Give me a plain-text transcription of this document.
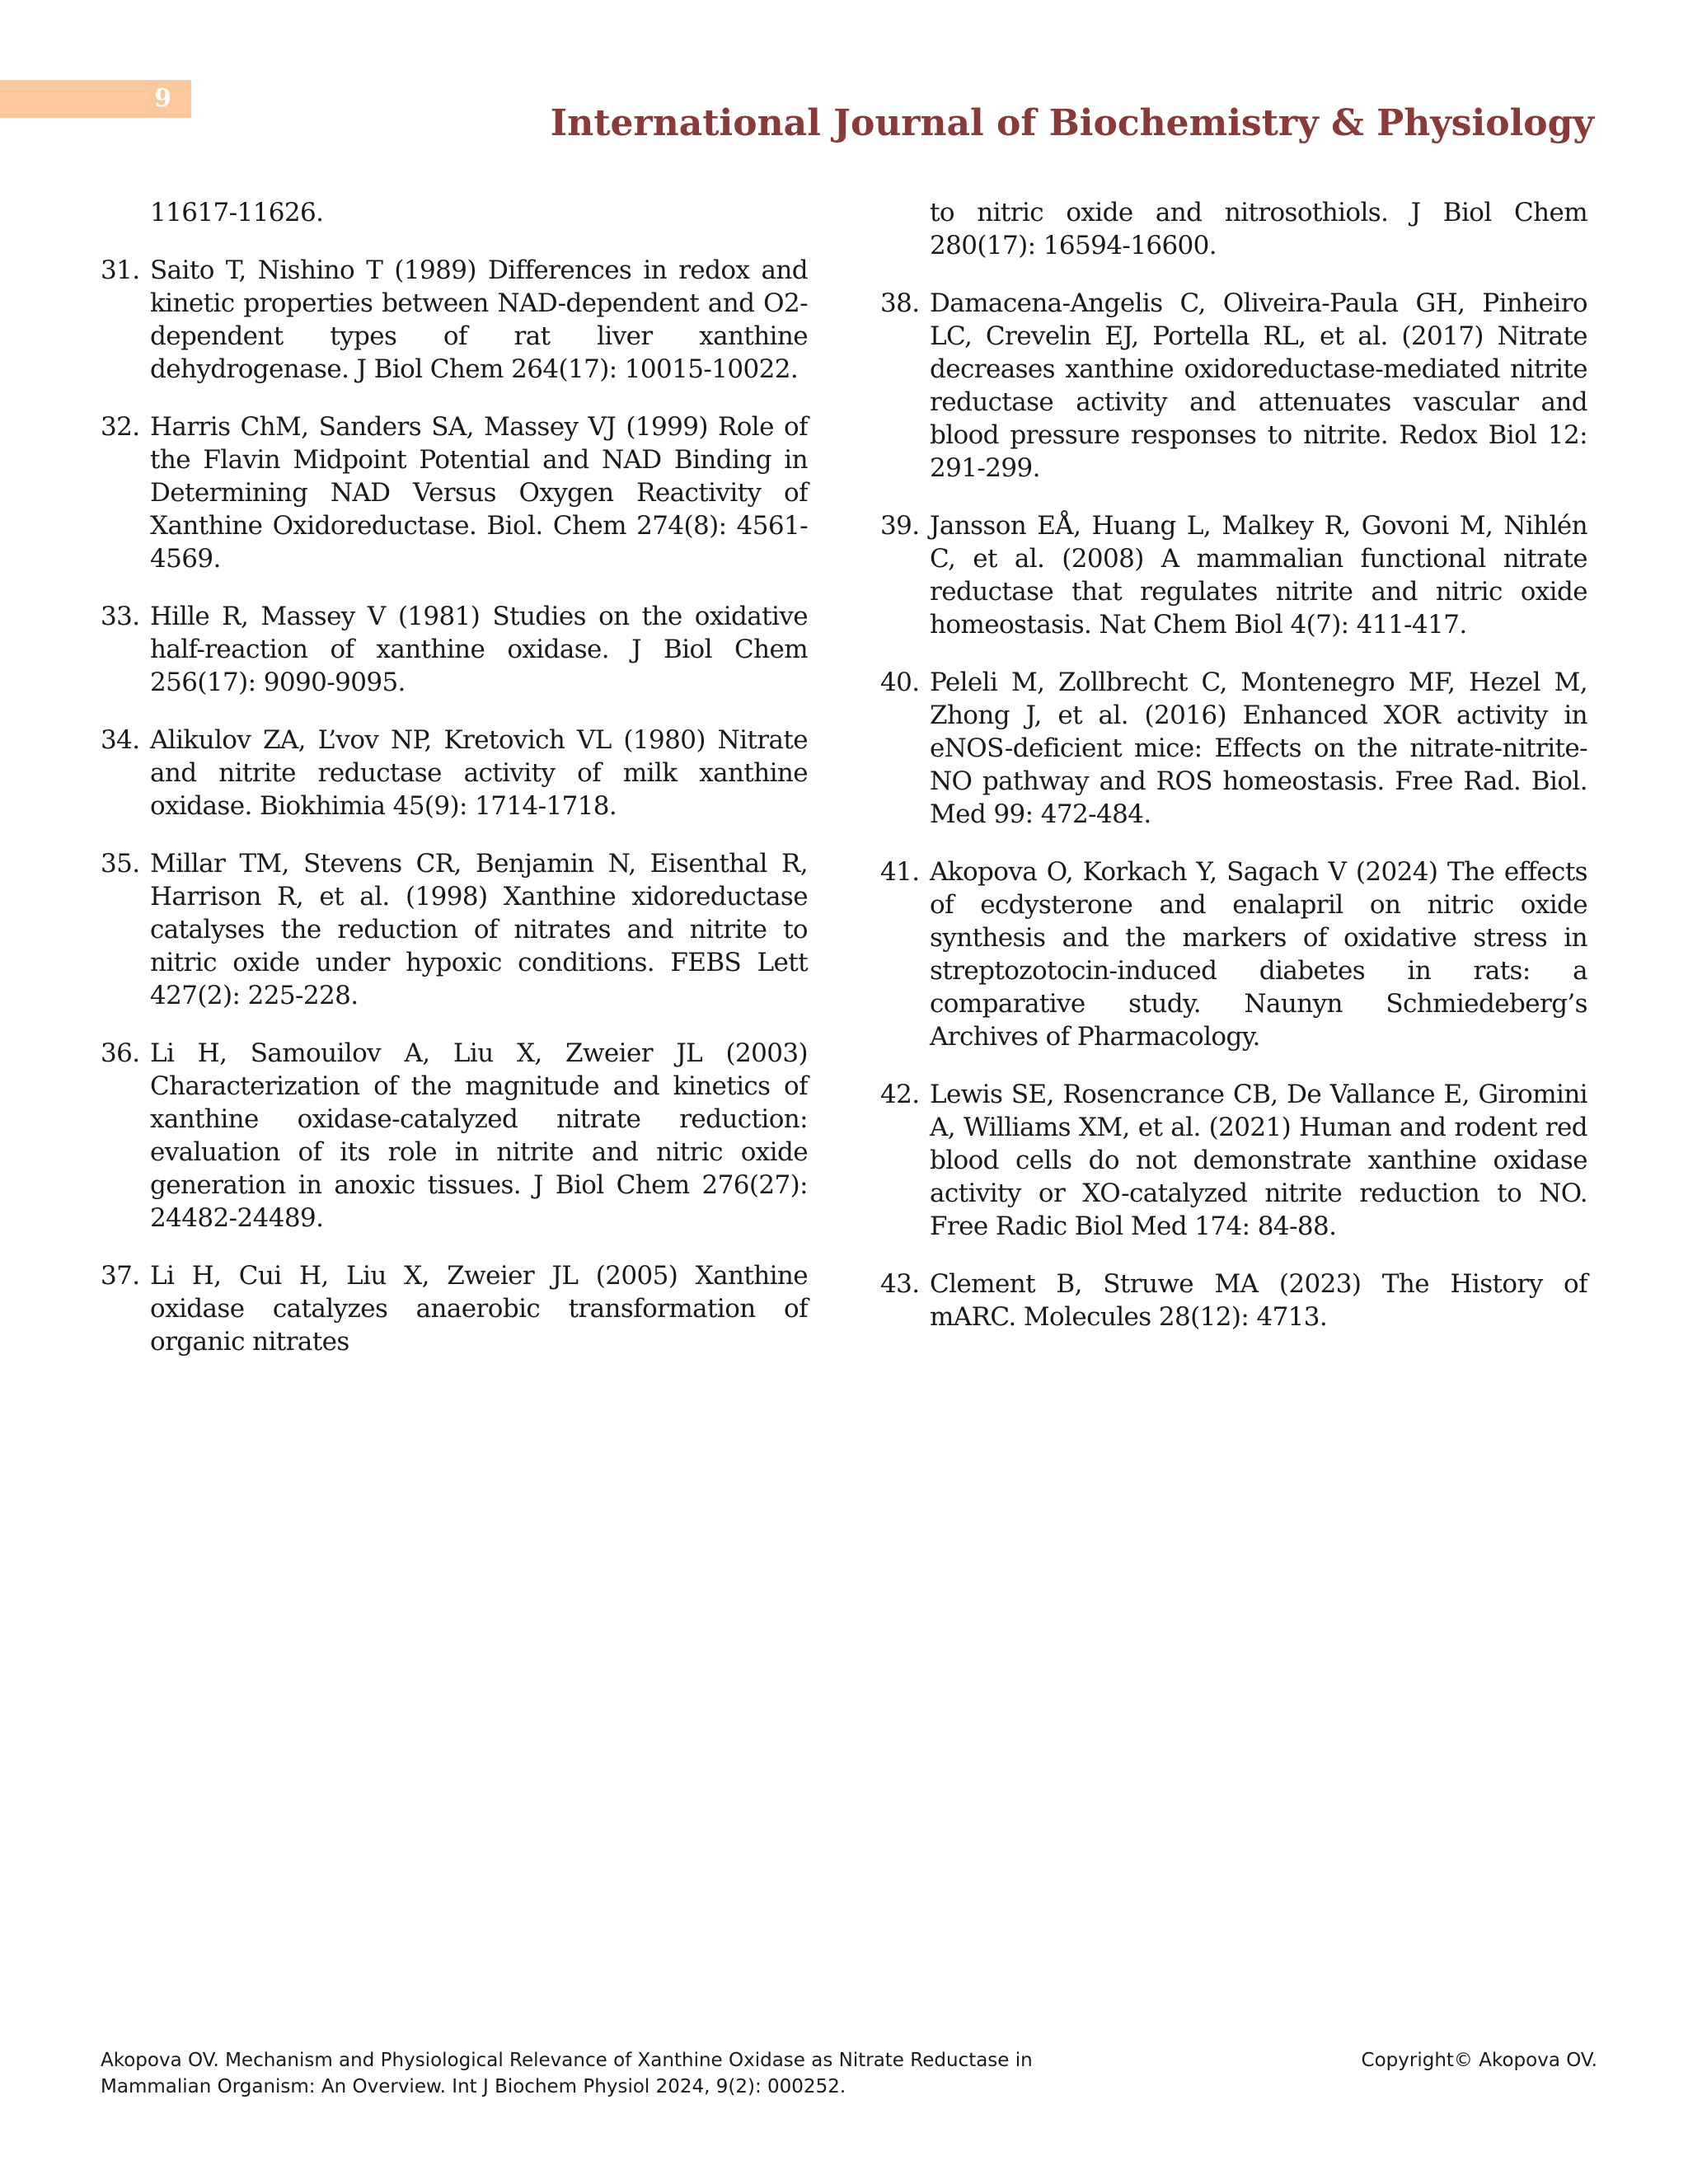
9
International Journal of Biochemistry & Physiology
11617-11626.
31. Saito T, Nishino T (1989) Differences in redox and kinetic properties between NAD-dependent and O2-dependent types of rat liver xanthine dehydrogenase. J Biol Chem 264(17): 10015-10022.
32. Harris ChM, Sanders SA, Massey VJ (1999) Role of the Flavin Midpoint Potential and NAD Binding in Determining NAD Versus Oxygen Reactivity of Xanthine Oxidoreductase. Biol. Chem 274(8): 4561-4569.
33. Hille R, Massey V (1981) Studies on the oxidative half-reaction of xanthine oxidase. J Biol Chem 256(17): 9090-9095.
34. Alikulov ZA, L’vov NP, Kretovich VL (1980) Nitrate and nitrite reductase activity of milk xanthine oxidase. Biokhimia 45(9): 1714-1718.
35. Millar TM, Stevens CR, Benjamin N, Eisenthal R, Harrison R, et al. (1998) Xanthine xidoreductase catalyses the reduction of nitrates and nitrite to nitric oxide under hypoxic conditions. FEBS Lett 427(2): 225-228.
36. Li H, Samouilov A, Liu X, Zweier JL (2003) Characterization of the magnitude and kinetics of xanthine oxidase-catalyzed nitrate reduction: evaluation of its role in nitrite and nitric oxide generation in anoxic tissues. J Biol Chem 276(27): 24482-24489.
37. Li H, Cui H, Liu X, Zweier JL (2005) Xanthine oxidase catalyzes anaerobic transformation of organic nitrates
to nitric oxide and nitrosothiols. J Biol Chem 280(17): 16594-16600.
38. Damacena-Angelis C, Oliveira-Paula GH, Pinheiro LC, Crevelin EJ, Portella RL, et al. (2017) Nitrate decreases xanthine oxidoreductase-mediated nitrite reductase activity and attenuates vascular and blood pressure responses to nitrite. Redox Biol 12: 291-299.
39. Jansson EÅ, Huang L, Malkey R, Govoni M, Nihlén C, et al. (2008) A mammalian functional nitrate reductase that regulates nitrite and nitric oxide homeostasis. Nat Chem Biol 4(7): 411-417.
40. Peleli M, Zollbrecht C, Montenegro MF, Hezel M, Zhong J, et al. (2016) Enhanced XOR activity in eNOS-deficient mice: Effects on the nitrate-nitrite-NO pathway and ROS homeostasis. Free Rad. Biol. Med 99: 472-484.
41. Akopova O, Korkach Y, Sagach V (2024) The effects of ecdysterone and enalapril on nitric oxide synthesis and the markers of oxidative stress in streptozotocin-induced diabetes in rats: a comparative study. Naunyn Schmiedeberg’s Archives of Pharmacology.
42. Lewis SE, Rosencrance CB, De Vallance E, Giromini A, Williams XM, et al. (2021) Human and rodent red blood cells do not demonstrate xanthine oxidase activity or XO-catalyzed nitrite reduction to NO. Free Radic Biol Med 174: 84-88.
43. Clement B, Struwe MA (2023) The History of mARC. Molecules 28(12): 4713.
Akopova OV. Mechanism and Physiological Relevance of Xanthine Oxidase as Nitrate Reductase in
Mammalian Organism: An Overview. Int J Biochem Physiol 2024, 9(2): 000252.
Copyright© Akopova OV.
